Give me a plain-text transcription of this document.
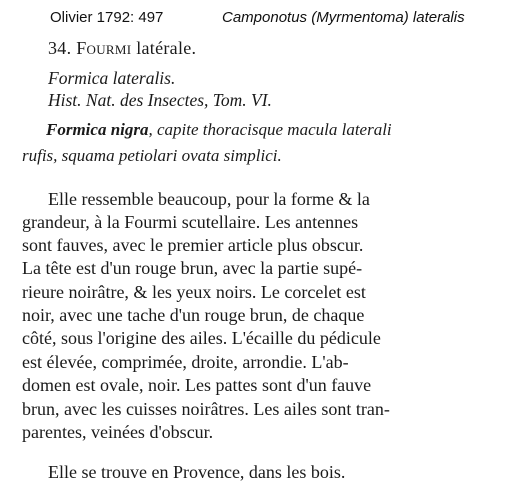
Olivier 1792: 497	Camponotus (Myrmentoma) lateralis
34. Fourmi latérale.
Formica lateralis.
Hist. Nat. des Insectes, Tom. VI.
Formica nigra, capite thoracisque macula laterali
rufis, squama petiolari ovata simplici.
Elle ressemble beaucoup, pour la forme & la
grandeur, à la Fourmi scutellaire. Les antennes
sont fauves, avec le premier article plus obscur.
La tête est d'un rouge brun, avec la partie supé-
rieure noirâtre, & les yeux noirs. Le corcelet est
noir, avec une tache d'un rouge brun, de chaque
côté, sous l'origine des ailes. L'écaille du pédicule
est élevée, comprimée, droite, arrondie. L'ab-
domen est ovale, noir. Les pattes sont d'un fauve
brun, avec les cuisses noirâtres. Les ailes sont tran-
parentes, veinées d'obscur.
Elle se trouve en Provence, dans les bois.
